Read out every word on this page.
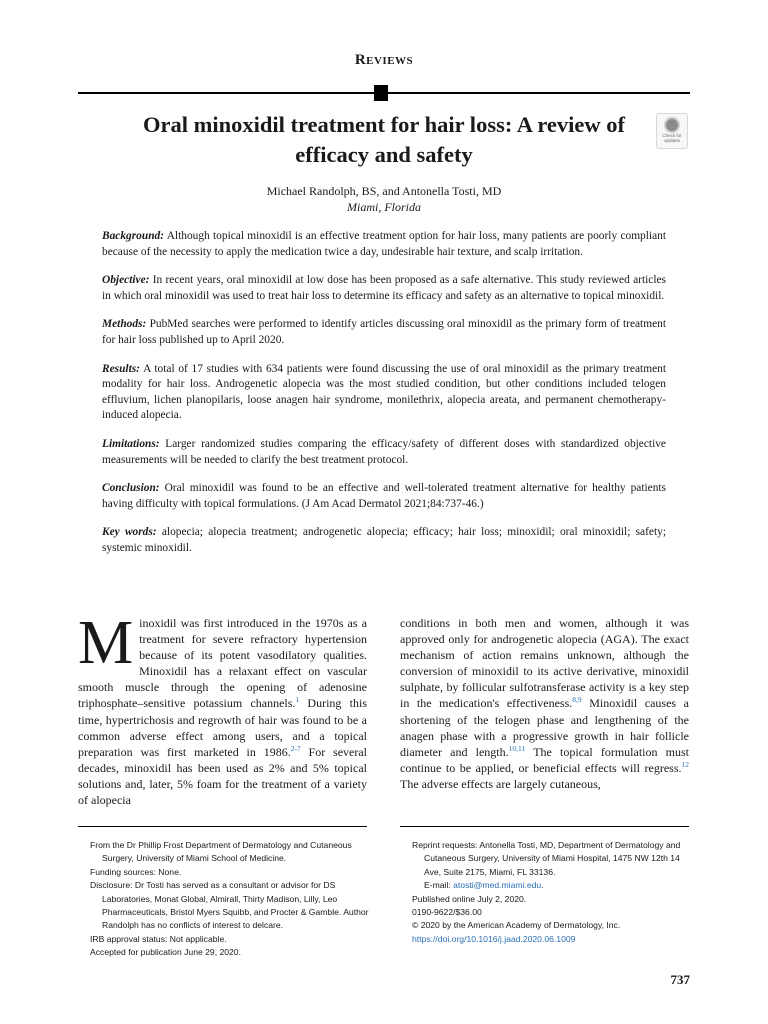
Reviews
Oral minoxidil treatment for hair loss: A review of efficacy and safety
Check for updates
Michael Randolph, BS, and Antonella Tosti, MD
Miami, Florida

Background: Although topical minoxidil is an effective treatment option for hair loss, many patients are poorly compliant because of the necessity to apply the medication twice a day, undesirable hair texture, and scalp irritation.

Objective: In recent years, oral minoxidil at low dose has been proposed as a safe alternative. This study reviewed articles in which oral minoxidil was used to treat hair loss to determine its efficacy and safety as an alternative to topical minoxidil.

Methods: PubMed searches were performed to identify articles discussing oral minoxidil as the primary form of treatment for hair loss published up to April 2020.

Results: A total of 17 studies with 634 patients were found discussing the use of oral minoxidil as the primary treatment modality for hair loss. Androgenetic alopecia was the most studied condition, but other conditions included telogen effluvium, lichen planopilaris, loose anagen hair syndrome, monilethrix, alopecia areata, and permanent chemotherapy-induced alopecia.

Limitations: Larger randomized studies comparing the efficacy/safety of different doses with standardized objective measurements will be needed to clarify the best treatment protocol.

Conclusion: Oral minoxidil was found to be an effective and well-tolerated treatment alternative for healthy patients having difficulty with topical formulations. (J Am Acad Dermatol 2021;84:737-46.)

Key words: alopecia; alopecia treatment; androgenetic alopecia; efficacy; hair loss; minoxidil; oral minoxidil; safety; systemic minoxidil.

Minoxidil was first introduced in the 1970s as a treatment for severe refractory hypertension because of its potent vasodilatory qualities. Minoxidil has a relaxant effect on vascular smooth muscle through the opening of adenosine triphosphate–sensitive potassium channels.$^1$ During this time, hypertrichosis and regrowth of hair was found to be a common adverse effect among users, and a topical preparation was first marketed in 1986.$^{2-7}$ For several decades, minoxidil has been used as 2% and 5% topical solutions and, later, 5% foam for the treatment of a variety of alopecia
conditions in both men and women, although it was approved only for androgenetic alopecia (AGA). The exact mechanism of action remains unknown, although the conversion of minoxidil to its active derivative, minoxidil sulphate, by follicular sulfotransferase activity is a key step in the medication's effectiveness.$^{8,9}$ Minoxidil causes a shortening of the telogen phase and lengthening of the anagen phase with a progressive growth in hair follicle diameter and length.$^{10,11}$ The topical formulation must continue to be applied, or beneficial effects will regress.$^{12}$ The adverse effects are largely cutaneous,
From the Dr Phillip Frost Department of Dermatology and Cutaneous Surgery, University of Miami School of Medicine.
Funding sources: None.
Disclosure: Dr Tosti has served as a consultant or advisor for DS Laboratories, Monat Global, Almirall, Thirty Madison, Lilly, Leo Pharmaceuticals, Bristol Myers Squibb, and Procter & Gamble. Author Randolph has no conflicts of interest to delcare.
IRB approval status: Not applicable.
Accepted for publication June 29, 2020.
Reprint requests: Antonella Tosti, MD, Department of Dermatology and Cutaneous Surgery, University of Miami Hospital, 1475 NW 12th 14 Ave, Suite 2175, Miami, FL 33136.
E-mail: atosti@med.miami.edu.
Published online July 2, 2020.
0190-9622/$36.00
© 2020 by the American Academy of Dermatology, Inc.
https://doi.org/10.1016/j.jaad.2020.06.1009
737
